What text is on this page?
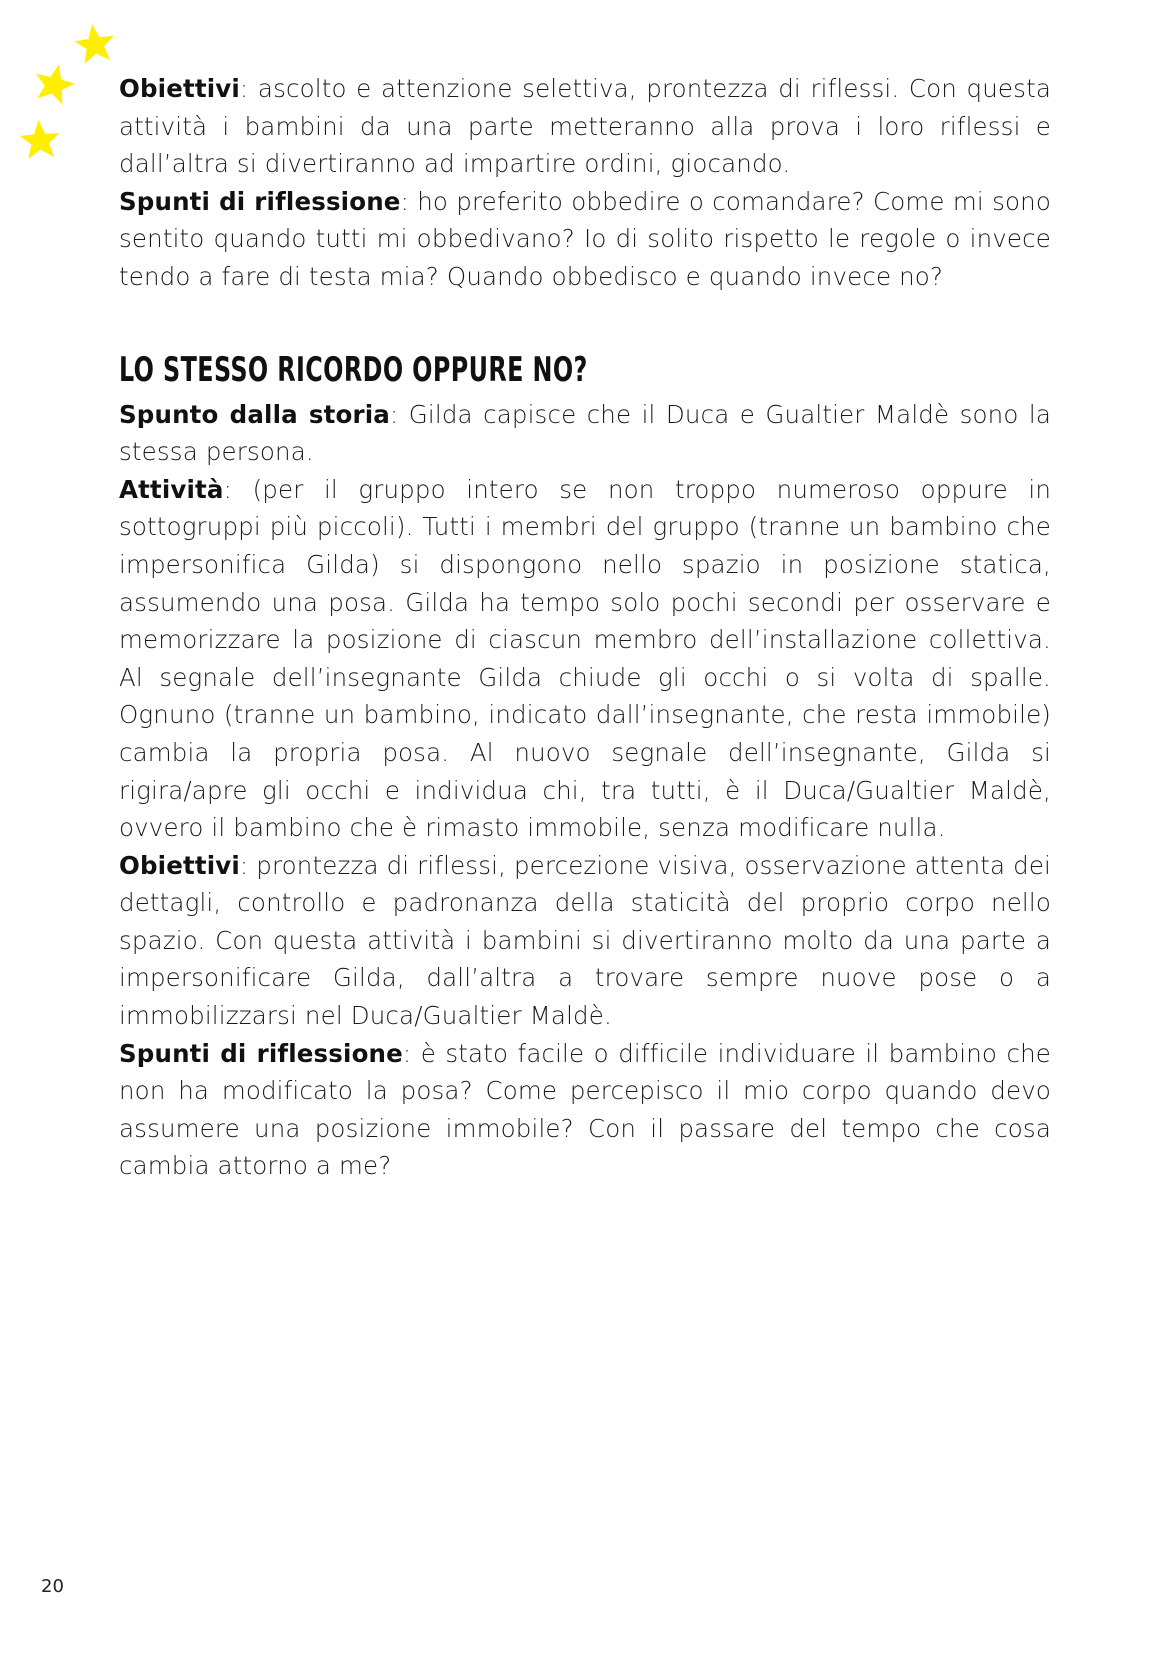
Obiettivi: ascolto e attenzione selettiva, prontezza di riflessi. Con questa attività i bambini da una parte metteranno alla prova i loro riflessi e dall’altra si divertiranno ad impartire ordini, giocando.

Spunti di riflessione: ho preferito obbedire o comandare? Come mi sono sentito quando tutti mi obbedivano? Io di solito rispetto le regole o invece tendo a fare di testa mia? Quando obbedisco e quando invece no?

LO STESSO RICORDO OPPURE NO?

Spunto dalla storia: Gilda capisce che il Duca e Gualtier Maldè sono la stessa persona.

Attività: (per il gruppo intero se non troppo numeroso oppure in sottogruppi più piccoli). Tutti i membri del gruppo (tranne un bambino che impersonifica Gilda) si dispongono nello spazio in posizione statica, assumendo una posa. Gilda ha tempo solo pochi secondi per osservare e memorizzare la posizione di ciascun membro dell’installazione collettiva. Al segnale dell’insegnante Gilda chiude gli occhi o si volta di spalle. Ognuno (tranne un bambino, indicato dall’insegnante, che resta immobile) cambia la propria posa. Al nuovo segnale dell’insegnante, Gilda si rigira/apre gli occhi e individua chi, tra tutti, è il Duca/Gualtier Maldè, ovvero il bambino che è rimasto immobile, senza modificare nulla.

Obiettivi: prontezza di riflessi, percezione visiva, osservazione attenta dei dettagli, controllo e padronanza della staticità del proprio corpo nello spazio. Con questa attività i bambini si divertiranno molto da una parte a impersonificare Gilda, dall’altra a trovare sempre nuove pose o a immobilizzarsi nel Duca/Gualtier Maldè.

Spunti di riflessione: è stato facile o difficile individuare il bambino che non ha modificato la posa? Come percepisco il mio corpo quando devo assumere una posizione immobile? Con il passare del tempo che cosa cambia attorno a me?

20
